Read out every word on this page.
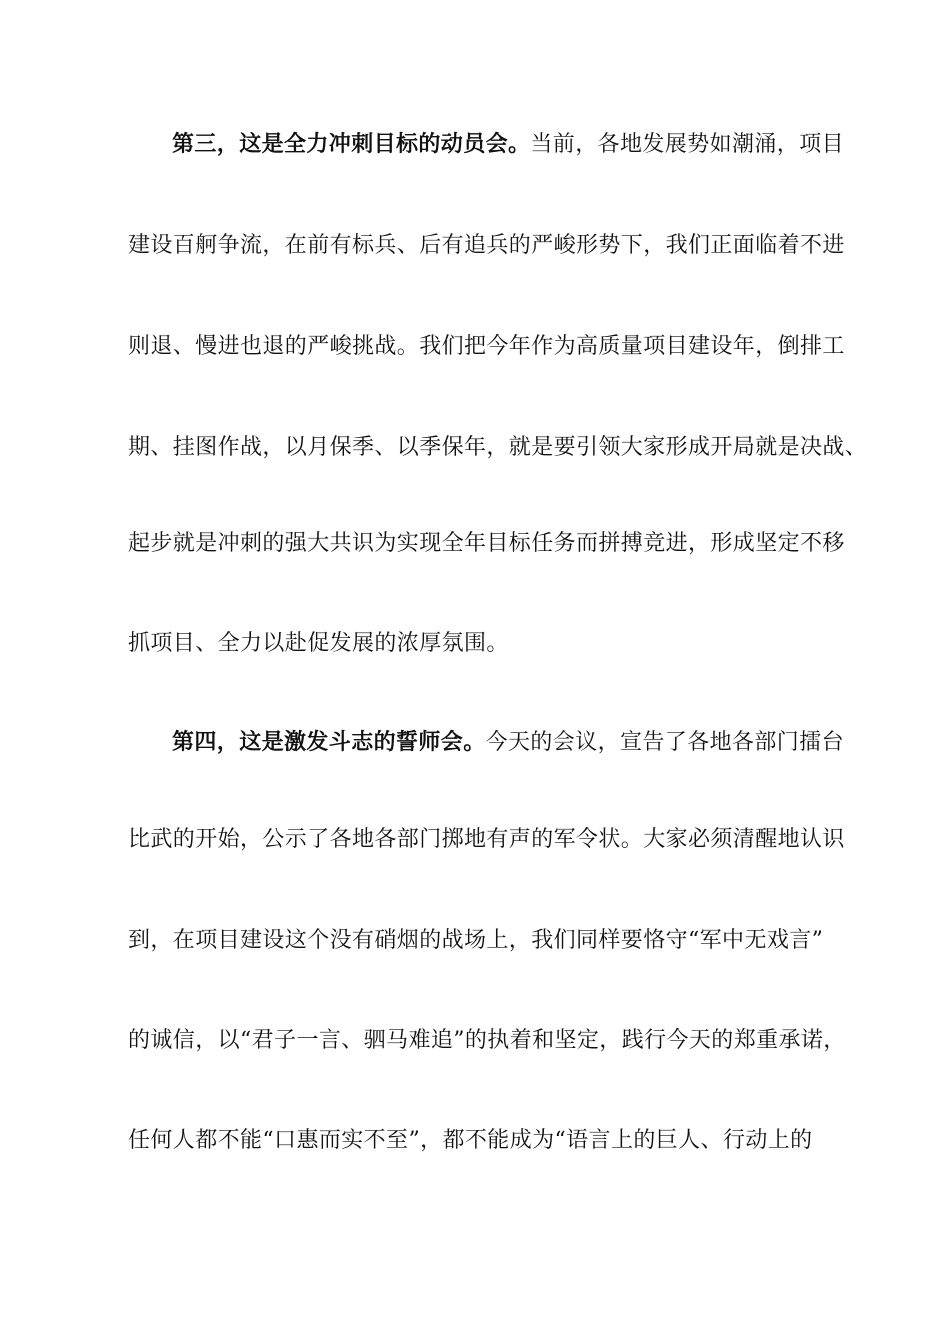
第三，这是全力冲刺目标的动员会。当前，各地发展势如潮涌，项目
建设百舸争流，在前有标兵、后有追兵的严峻形势下，我们正面临着不进
则退、慢进也退的严峻挑战。我们把今年作为高质量项目建设年，倒排工
期、挂图作战，以月保季、以季保年，就是要引领大家形成开局就是决战、
起步就是冲刺的强大共识为实现全年目标任务而拼搏竞进，形成坚定不移
抓项目、全力以赴促发展的浓厚氛围。
第四，这是激发斗志的誓师会。今天的会议，宣告了各地各部门擂台
比武的开始，公示了各地各部门掷地有声的军令状。大家必须清醒地认识
到，在项目建设这个没有硝烟的战场上，我们同样要恪守“军中无戏言”
的诚信，以“君子一言、驷马难追”的执着和坚定，践行今天的郑重承诺，
任何人都不能“口惠而实不至”，都不能成为“语言上的巨人、行动上的
